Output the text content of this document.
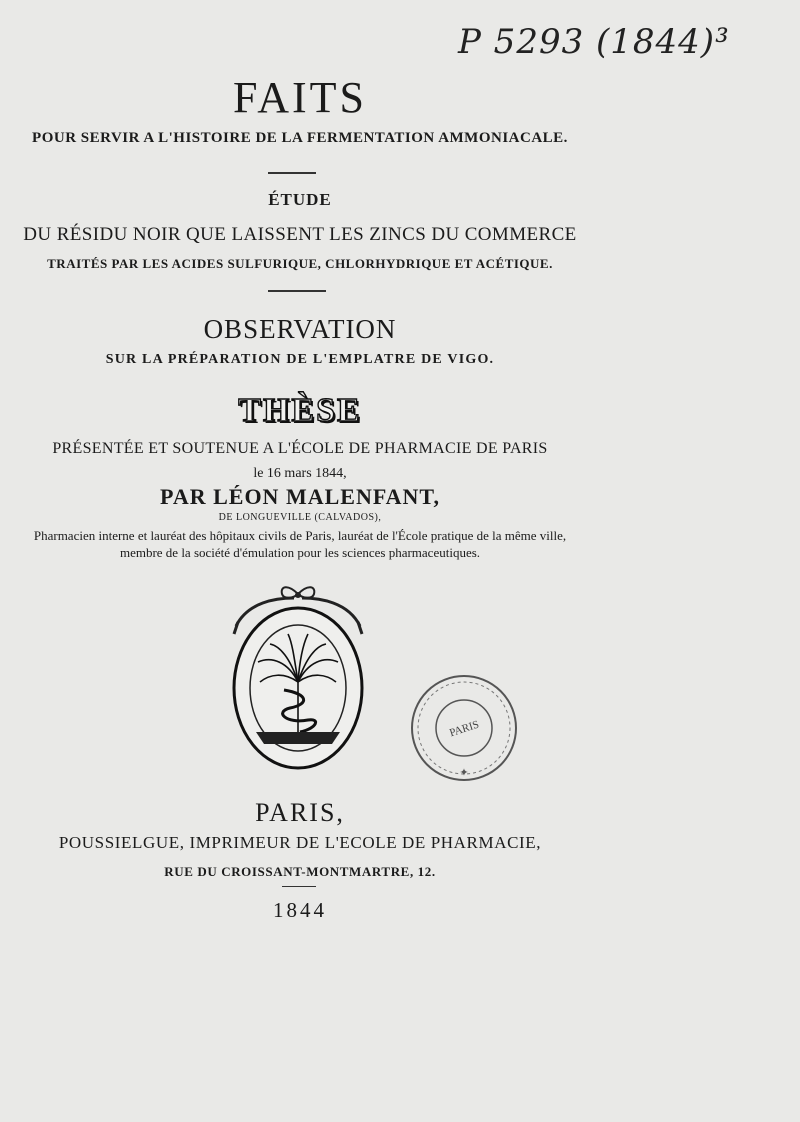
P 5293 (1844)³
FAITS
POUR SERVIR A L'HISTOIRE DE LA FERMENTATION AMMONIACALE.
ÉTUDE
DU RÉSIDU NOIR QUE LAISSENT LES ZINCS DU COMMERCE
TRAITÉS PAR LES ACIDES SULFURIQUE, CHLORHYDRIQUE ET ACÉTIQUE.
OBSERVATION
SUR LA PRÉPARATION DE L'EMPLATRE DE VIGO.
THÈSE
PRÉSENTÉE ET SOUTENUE A L'ÉCOLE DE PHARMACIE DE PARIS
le 16 mars 1844,
PAR LÉON MALENFANT,
DE LONGUEVILLE (CALVADOS),
Pharmacien interne et lauréat des hôpitaux civils de Paris, lauréat de l'École pratique de la même ville,
membre de la société d'émulation pour les sciences pharmaceutiques.
PARIS
✦
PARIS,
POUSSIELGUE, IMPRIMEUR DE L'ECOLE DE PHARMACIE,
RUE DU CROISSANT-MONTMARTRE, 12.
1844
